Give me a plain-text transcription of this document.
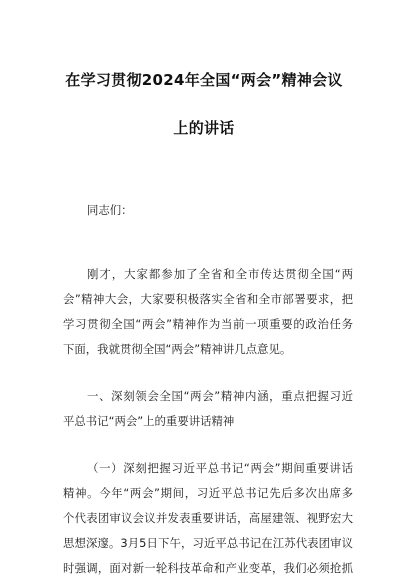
在学习贯彻2024年全国“两会”精神会议
上的讲话
同志们：
刚才，大家都参加了全省和全市传达贯彻全国“两
会”精神大会，大家要积极落实全省和全市部署要求，把
学习贯彻全国“两会”精神作为当前一项重要的政治任务
下面，我就贯彻全国“两会”精神讲几点意见。
一、深刻领会全国“两会”精神内涵，重点把握习近
平总书记“两会”上的重要讲话精神
（一）深刻把握习近平总书记“两会”期间重要讲话
精神。今年“两会”期间，习近平总书记先后多次出席多
个代表团审议会议并发表重要讲话，高屋建瓴、视野宏大
思想深邃。3月5日下午，习近平总书记在江苏代表团审议
时强调，面对新一轮科技革命和产业变革，我们必须抢抓
